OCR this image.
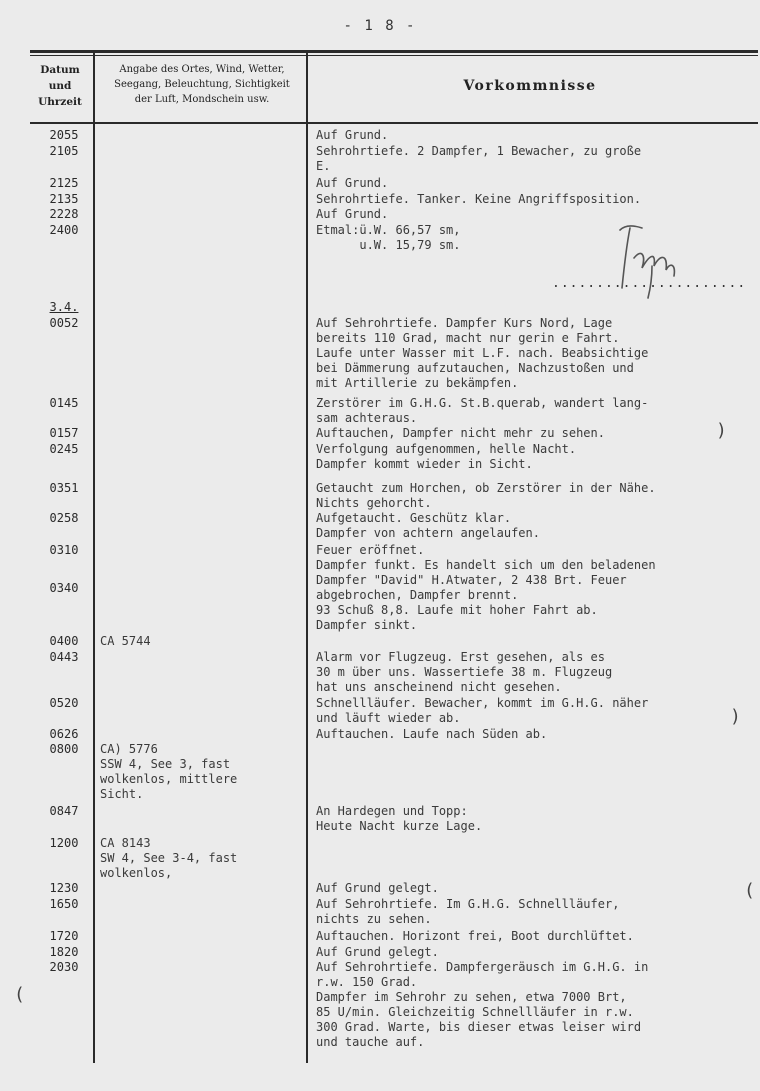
- 1 8 -
Datum
und
Uhrzeit
Angabe des Ortes, Wind, Wetter,
Seegang, Beleuchtung, Sichtigkeit
der Luft, Mondschein usw.
Vorkommnisse
2055
2105
2125
2135
2228
2400
3.4.
0052
0145
0157
0245
0351
0258
0310
0340
0400
0443
0520
0626
0800
0847
1200
1230
1650
1720
1820
2030
CA 5744
CA) 5776
SSW 4, See 3, fast
wolkenlos, mittlere
Sicht.
CA 8143
SW 4, See 3-4, fast
wolkenlos,
Auf Grund.
Sehrohrtiefe. 2 Dampfer, 1 Bewacher, zu große
E.
Auf Grund.
Sehrohrtiefe. Tanker. Keine Angriffsposition.
Auf Grund.
Etmal:ü.W. 66,57 sm,
u.W. 15,79 sm.
Auf Sehrohrtiefe. Dampfer Kurs Nord, Lage
bereits 110 Grad, macht nur gerin e Fahrt.
Laufe unter Wasser mit L.F. nach. Beabsichtige
bei Dämmerung aufzutauchen, Nachzustoßen und
mit Artillerie zu bekämpfen.
Zerstörer im G.H.G. St.B.querab, wandert lang-
sam achteraus.
Auftauchen, Dampfer nicht mehr zu sehen.
Verfolgung aufgenommen, helle Nacht.
Dampfer kommt wieder in Sicht.
Getaucht zum Horchen, ob Zerstörer in der Nähe.
Nichts gehorcht.
Aufgetaucht. Geschütz klar.
Dampfer von achtern angelaufen.
Feuer eröffnet.
Dampfer funkt. Es handelt sich um den beladenen
Dampfer "David" H.Atwater, 2 438 Brt. Feuer
abgebrochen, Dampfer brennt.
93 Schuß 8,8. Laufe mit hoher Fahrt ab.
Dampfer sinkt.
Alarm vor Flugzeug. Erst gesehen, als es
30 m über uns. Wassertiefe 38 m. Flugzeug
hat uns anscheinend nicht gesehen.
Schnellläufer. Bewacher, kommt im G.H.G. näher
und läuft wieder ab.
Auftauchen. Laufe nach Süden ab.
An Hardegen und Topp:
Heute Nacht kurze Lage.
Auf Grund gelegt.
Auf Sehrohrtiefe. Im G.H.G. Schnellläufer,
nichts zu sehen.
Auftauchen. Horizont frei, Boot durchlüftet.
Auf Grund gelegt.
Auf Sehrohrtiefe. Dampfergeräusch im G.H.G. in
r.w. 150 Grad.
Dampfer im Sehrohr zu sehen, etwa 7000 Brt,
85 U/min. Gleichzeitig Schnellläufer in r.w.
300 Grad. Warte, bis dieser etwas leiser wird
und tauche auf.
......................
)
)
(
(
